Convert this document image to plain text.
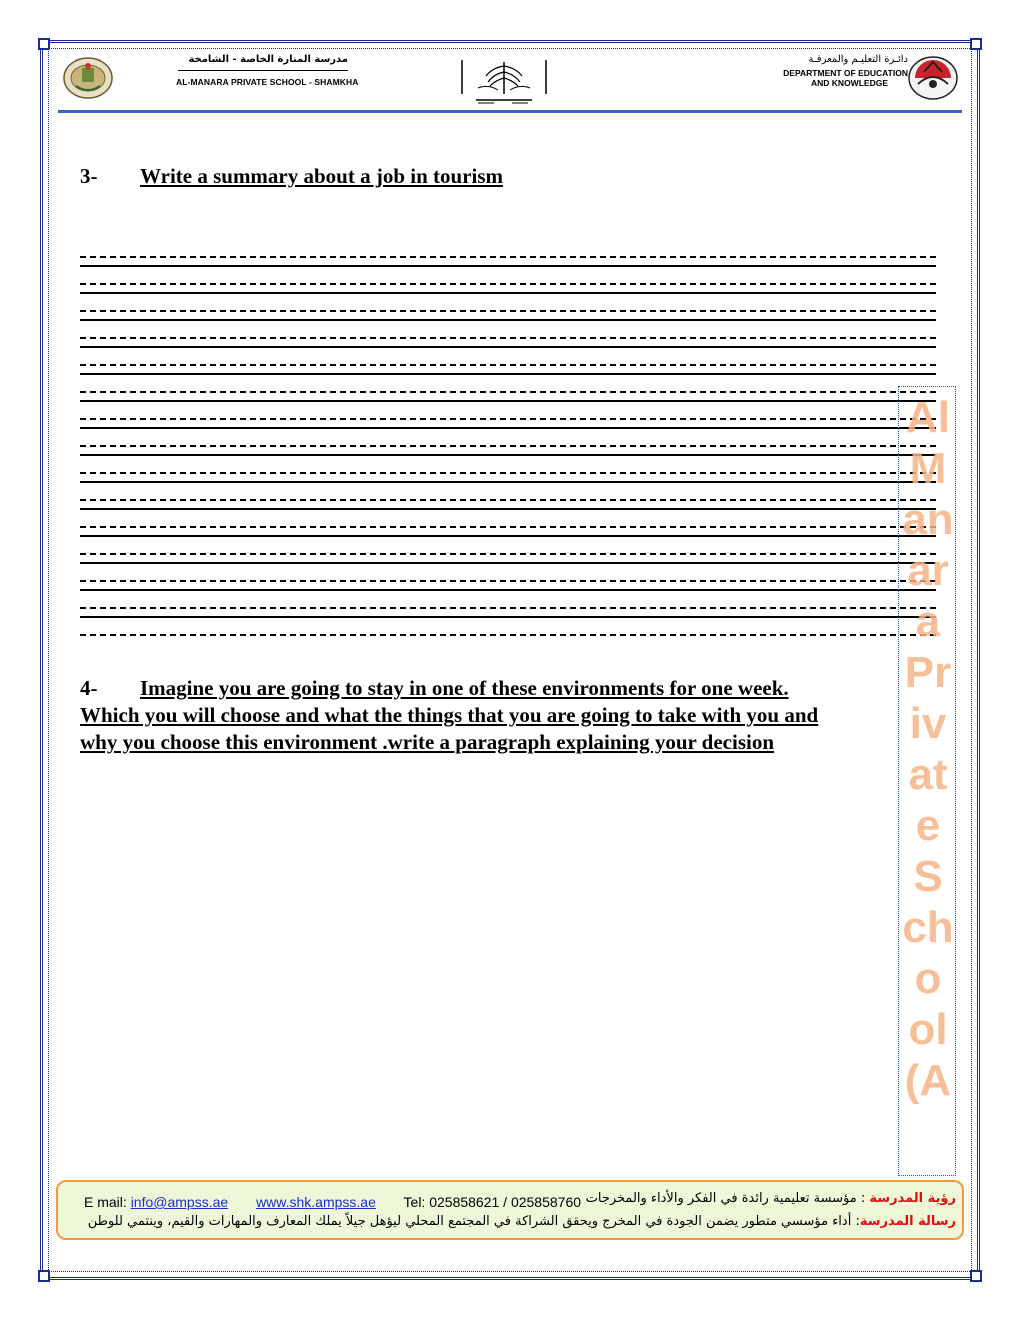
مدرسة المنارة الخاصة - الشامخة
AL-MANARA PRIVATE SCHOOL - SHAMKHA
دائـرة التعليـم والمعرفـة
DEPARTMENT OF EDUCATION
AND KNOWLEDGE
3- Write a summary about a job in tourism
4- Imagine you are going to stay in one of these environments for one week.
Which you will choose and what the things that you are going to take with you and
why you choose this environment .write a paragraph explaining your decision
Al Manara Private School (A
E mail: info@ampss.ae www.shk.ampss.ae Tel: 025858621 / 025858760	رؤية المدرسة : مؤسسة تعليمية رائدة في الفكر والأداء والمخرجات
رسالة المدرسة: أداء مؤسسي متطور يضمن الجودة في المخرج ويحقق الشراكة في المجتمع المحلي ليؤهل جيلاً يملك المعارف والمهارات والقيم، وينتمي للوطن
